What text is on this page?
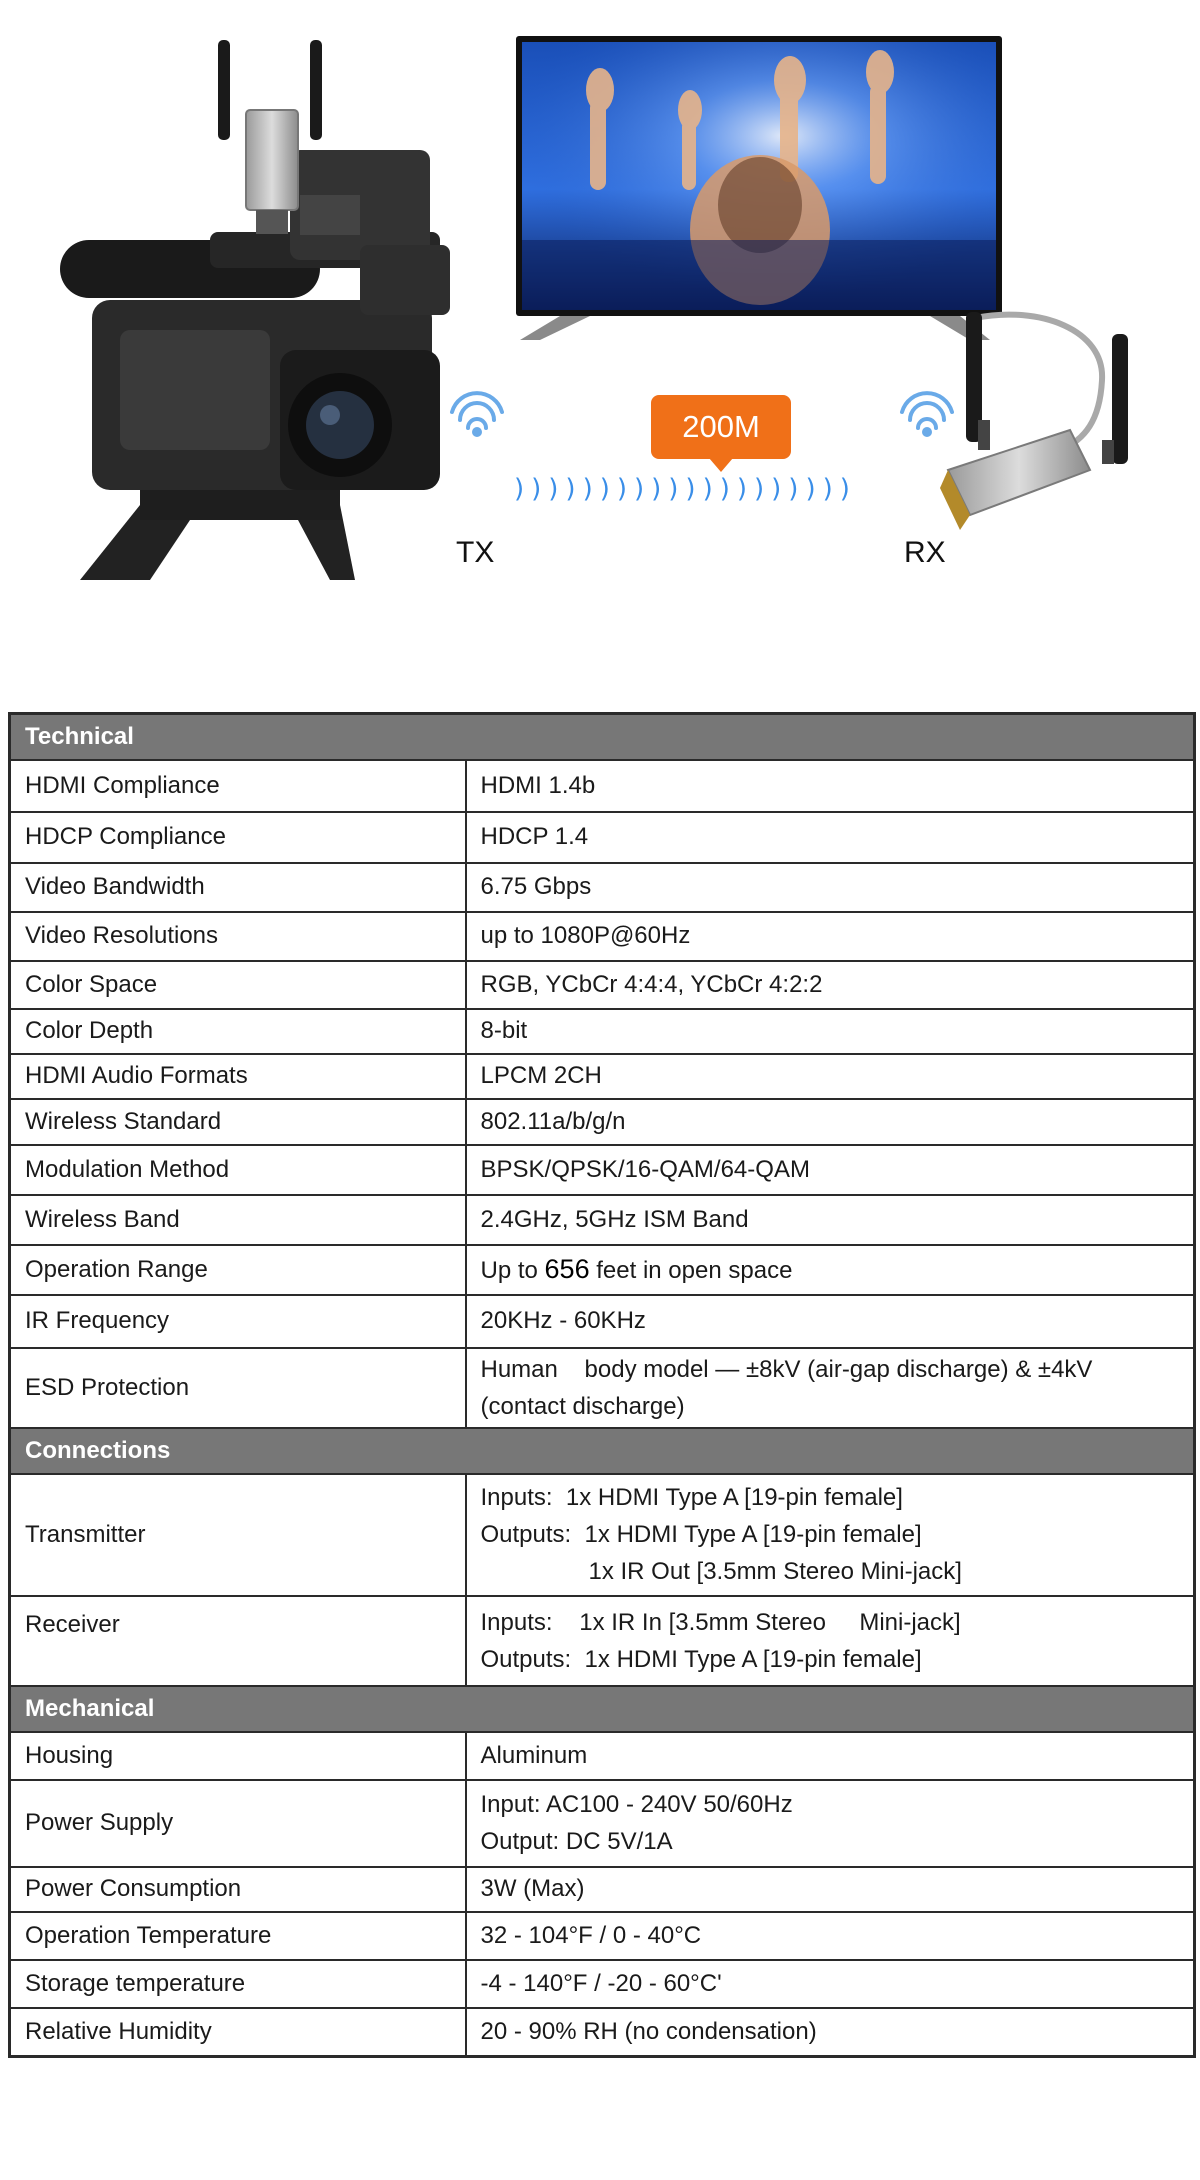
200M
))))))))))))))))))))
TX	RX
Technical	
HDMI Compliance	HDMI 1.4b
HDCP Compliance	HDCP 1.4
Video Bandwidth	6.75 Gbps
Video Resolutions	up to 1080P@60Hz
Color Space	RGB, YCbCr 4:4:4, YCbCr 4:2:2
Color Depth	8-bit
HDMI Audio Formats	LPCM 2CH
Wireless Standard	802.11a/b/g/n
Modulation Method	BPSK/QPSK/16-QAM/64-QAM
Wireless Band	2.4GHz, 5GHz ISM Band
Operation Range	Up to 656 feet in open space
IR Frequency	20KHz - 60KHz
ESD Protection	Human    body model — ±8kV (air-gap discharge) & ±4kV
(contact discharge)

Connections	
Transmitter	Inputs:  1x HDMI Type A [19-pin female]
Outputs:  1x HDMI Type A [19-pin female]
1x IR Out [3.5mm Stereo Mini-jack]

Receiver	Inputs:    1x IR In [3.5mm Stereo     Mini-jack]
Outputs:  1x HDMI Type A [19-pin female]

Mechanical	
Housing	Aluminum
Power Supply	Input: AC100 - 240V 50/60Hz
Output: DC 5V/1A

Power Consumption	3W (Max)
Operation Temperature	32 - 104°F / 0 - 40°C
Storage temperature	-4 - 140°F / -20 - 60°C'
Relative Humidity	20 - 90% RH (no condensation)
